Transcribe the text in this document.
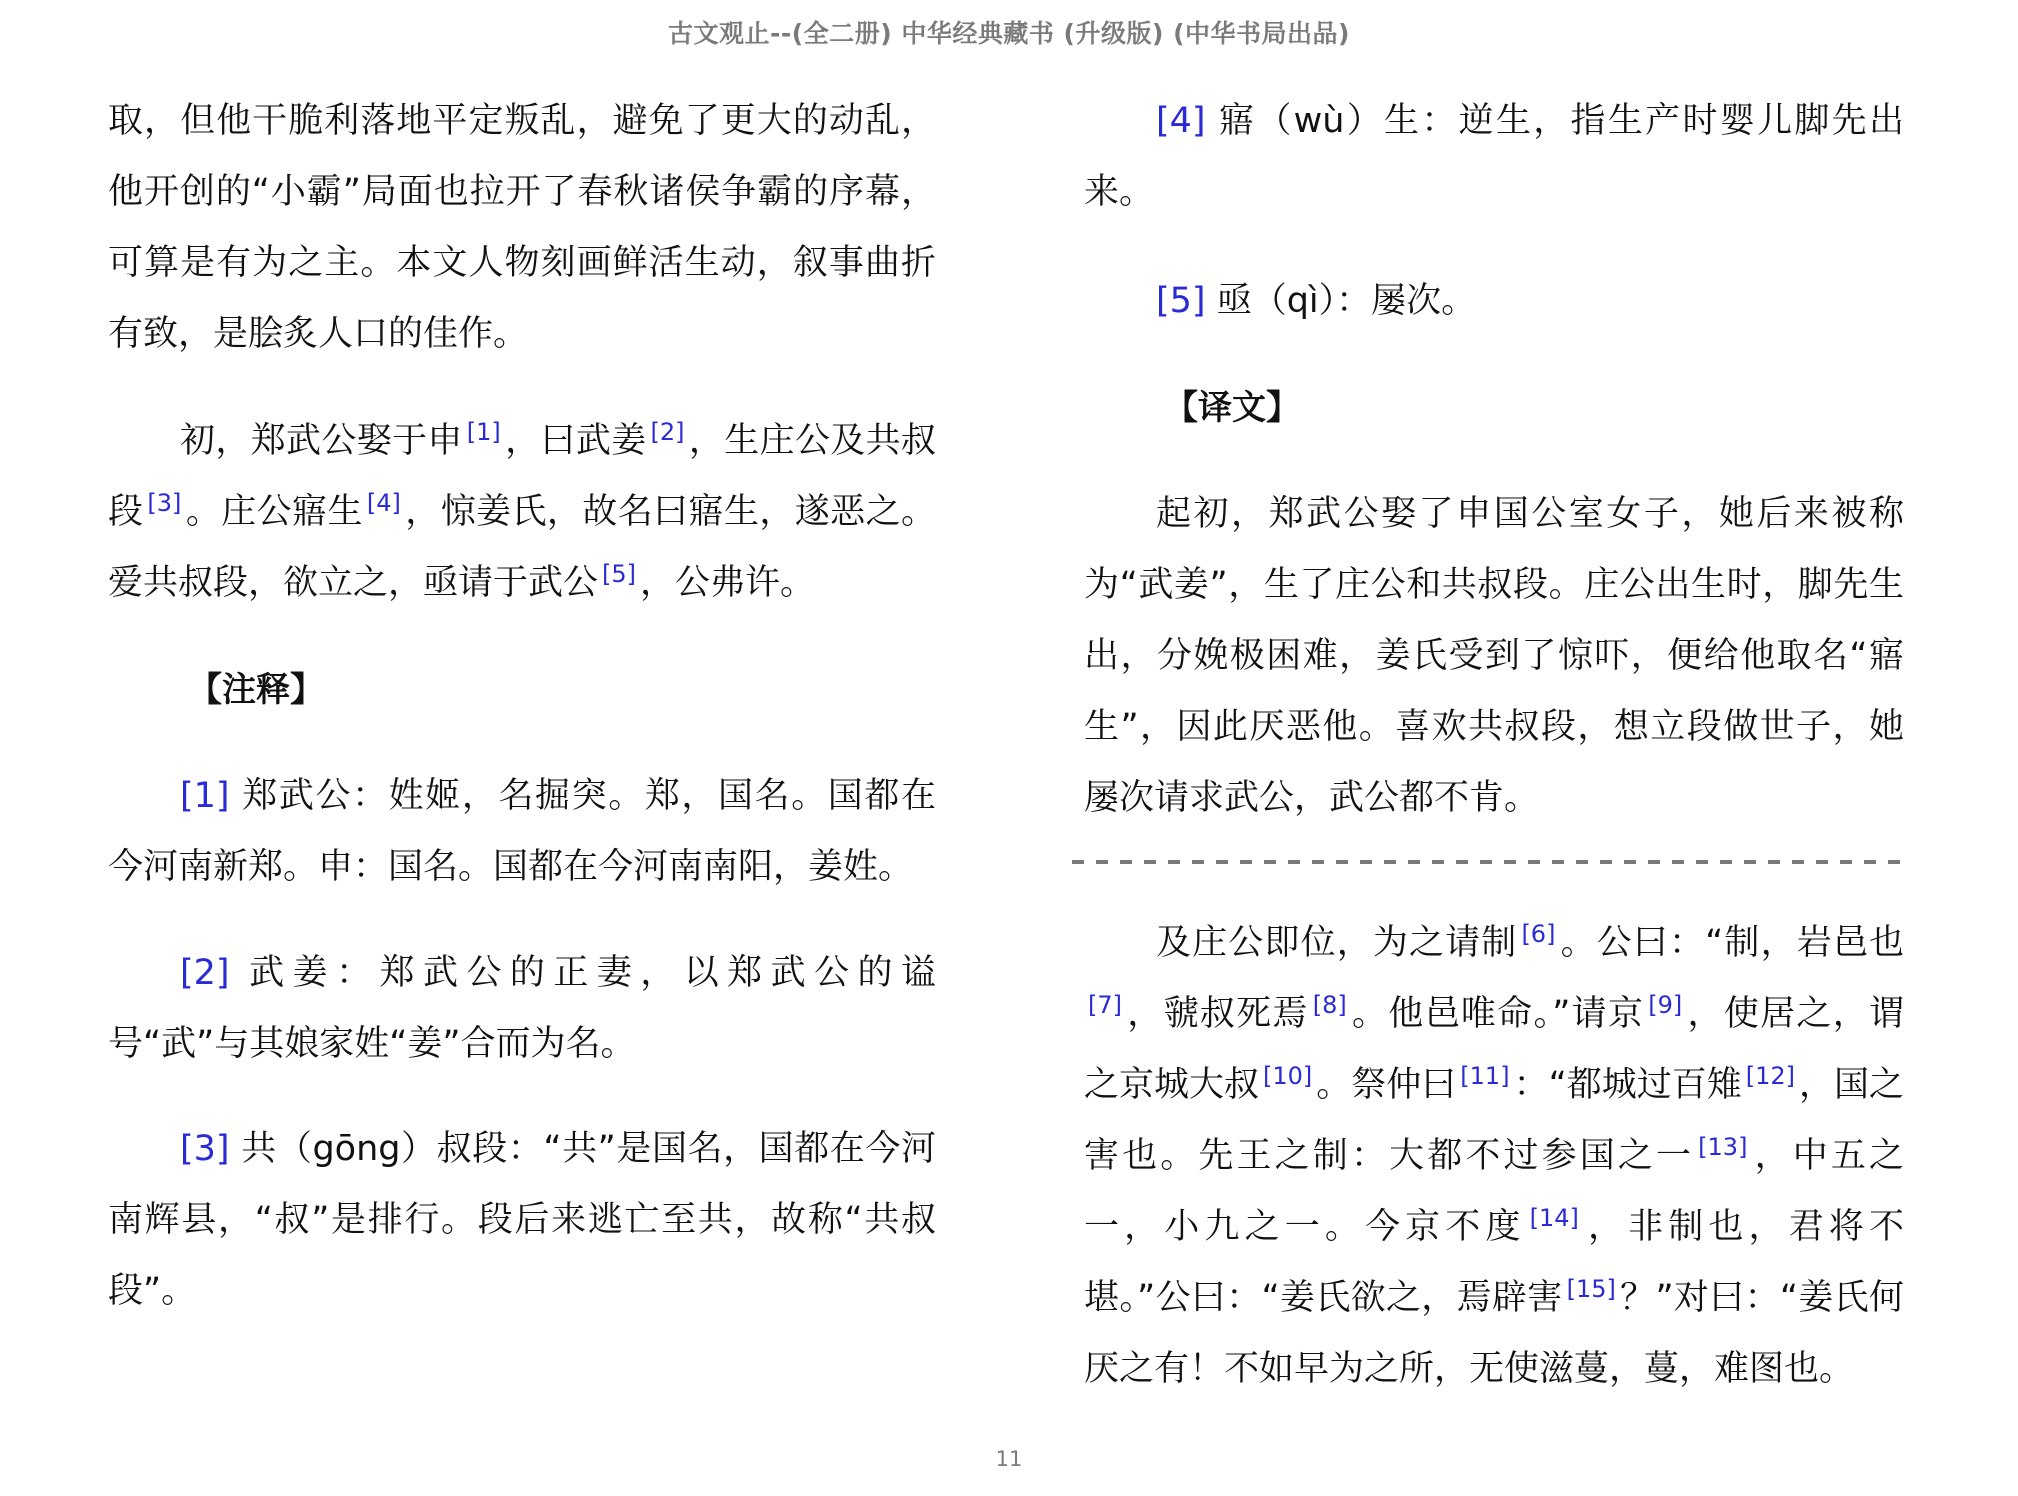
古文观止--(全二册) 中华经典藏书 (升级版) (中华书局出品)

取，但他干脆利落地平定叛乱，避免了更大的动乱，他开创的“小霸”局面也拉开了春秋诸侯争霸的序幕，可算是有为之主。本文人物刻画鲜活生动，叙事曲折有致，是脍炙人口的佳作。

初，郑武公娶于申 [1] ，曰武姜 [2] ，生庄公及共叔段 [3] 。庄公寤生 [4] ，惊姜氏，故名曰寤生，遂恶之。爱共叔段，欲立之，亟请于武公 [5] ，公弗许。

【注释】

[1] 郑武公：姓姬，名掘突。郑，国名。国都在今河南新郑。申：国名。国都在今河南南阳，姜姓。

[2] 武姜：郑武公的正妻，以郑武公的谥号“武”与其娘家姓“姜”合而为名。

[3] 共（gōng）叔段：“共”是国名，国都在今河南辉县，“叔”是排行。段后来逃亡至共，故称“共叔段”。

[4] 寤（wù）生：逆生，指生产时婴儿脚先出来。

[5] 亟（qì）：屡次。

【译文】

起初，郑武公娶了申国公室女子，她后来被称为“武姜”，生了庄公和共叔段。庄公出生时，脚先生出，分娩极困难，姜氏受到了惊吓，便给他取名“寤生”，因此厌恶他。喜欢共叔段，想立段做世子，她屡次请求武公，武公都不肯。

及庄公即位，为之请制 [6] 。公曰：“制，岩邑也[7] ，虢叔死焉 [8] 。他邑唯命。”请京 [9] ，使居之，谓之京城大叔 [10] 。祭仲曰 [11] ：“都城过百雉 [12] ，国之害也。先王之制：大都不过参国之一 [13] ，中五之一，小九之一。今京不度 [14] ，非制也，君将不堪。”公曰：“姜氏欲之，焉辟害 [15] ？”对曰：“姜氏何厌之有！不如早为之所，无使滋蔓，蔓，难图也。

11
